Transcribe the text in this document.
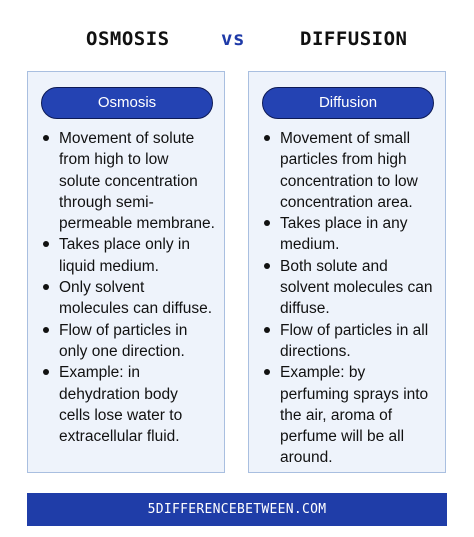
OSMOSIS	vs	DIFFUSION
Osmosis
Movement of solute
from high to low
solute concentration
through semi-
permeable membrane.
Takes place only in
liquid medium.
Only solvent
molecules can diffuse.
Flow of particles in
only one direction.
Example: in
dehydration body
cells lose water to
extracellular fluid.
Diffusion
Movement of small
particles from high
concentration to low
concentration area.
Takes place in any
medium.
Both solute and
solvent molecules can
diffuse.
Flow of particles in all
directions.
Example: by
perfuming sprays into
the air, aroma of
perfume will be all
around.
5DIFFERENCEBETWEEN.COM
